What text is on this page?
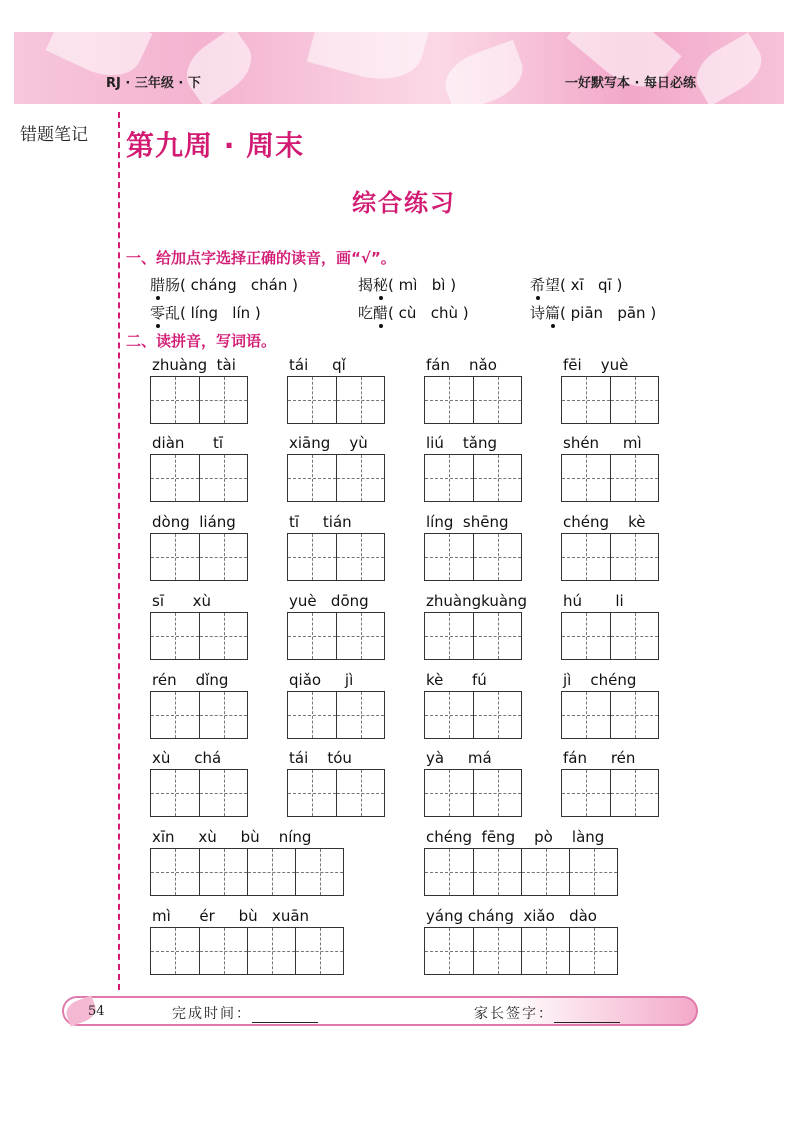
RJ · 三年级 · 下	一好默写本 · 每日必练
错题笔记 第九周 · 周末
综合练习
一、给加点字选择正确的读音，画“√”。
腊肠( cháng   chán )	揭秘( mì   bì )	希望( xī   qī )
零乱( líng   lín )	吃醋( cù   chù )	诗篇( piān   pān )
二、读拼音，写词语。
zhuàng  tài	tái     qǐ	fán    nǎo	fēi    yuè
diàn      tī	xiāng    yù	liú    tǎng	shén     mì
dòng  liáng	tī     tián	líng  shēng	chéng    kè
sī      xù	yuè   dōng	zhuàngkuàng hú       li
rén    dǐng	qiǎo     jì	kè      fú	jì    chéng
xù     chá	tái    tóu	yà     má	fán     rén
xīn     xù     bù    níng	chéng  fēng    pò    làng
mì      ér     bù   xuān	yáng cháng  xiǎo   dào
54	完成时间：	家长签字：
